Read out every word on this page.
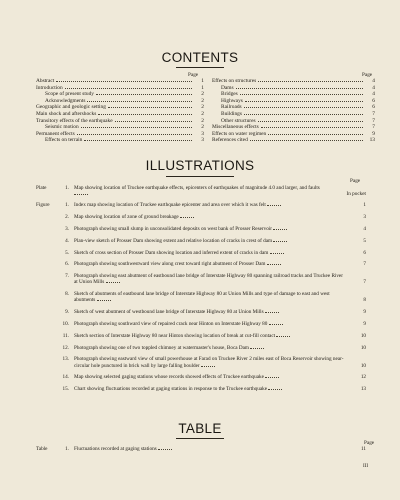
CONTENTS
Page	Page
Abstract	1
Introduction	1
Scope of present study	2
Acknowledgments	2
Geographic and geologic setting	2
Main shock and aftershocks	2
Transitory effects of the earthquake	2
Seismic motion	2
Permanent effects	3
Effects on terrain	3
Effects on structures	4
Dams	4
Bridges	4
Highways	6
Railroads	6
Buildings	7
Other structures	7
Miscellaneous effects	7
Effects on water regimen	9
References cited	13
ILLUSTRATIONS
Page
Plate	1. Map showing location of Truckee earthquake effects, epicenters of earthquakes of magnitude 4.0 and larger, and faults
In pocket
Figure	1. Index map showing location of Truckee earthquake epicenter and area over which it was felt	1
2. Map showing location of zone of ground breakage	3
3. Photograph showing small slump in unconsolidated deposits on west bank of Prosser Reservoir	4
4. Plan-view sketch of Prosser Dam showing extent and relative location of cracks in crest of dam	5
5. Sketch of cross section of Prosser Dam showing location and inferred extent of cracks in dam	6
6. Photograph showing southwestward view along crest toward right abutment of Prosser Dam	7
7. Photograph showing east abutment of eastbound lane bridge of Interstate Highway 80 spanning railroad tracks and Truckee River at Union Mills	7
8. Sketch of abutments of eastbound lane bridge of Interstate Highway 80 at Union Mills and type of damage to east and west abutments	8
9. Sketch of west abutment of westbound lane bridge of Interstate Highway 80 at Union Mills	9
10. Photograph showing southward view of repaired crack near Hinton on Interstate Highway 80	9
11. Sketch section of Interstate Highway 80 near Hinton showing location of break at cut-fill contact	10
12. Photograph showing one of two toppled chimney at watermaster's house, Boca Dam	10
13. Photograph showing eastward view of small powerhouse at Farad on Truckee River 2 miles east of Boca Reservoir showing near-circular hole punctured in brick wall by large falling boulder	10
14. Map showing selected gaging stations whose records showed effects of Truckee earthquake	12
15. Chart showing fluctuations recorded at gaging stations in response to the Truckee earthquake	13
TABLE
Page
Table	1. Fluctuations recorded at gaging stations	11
III
